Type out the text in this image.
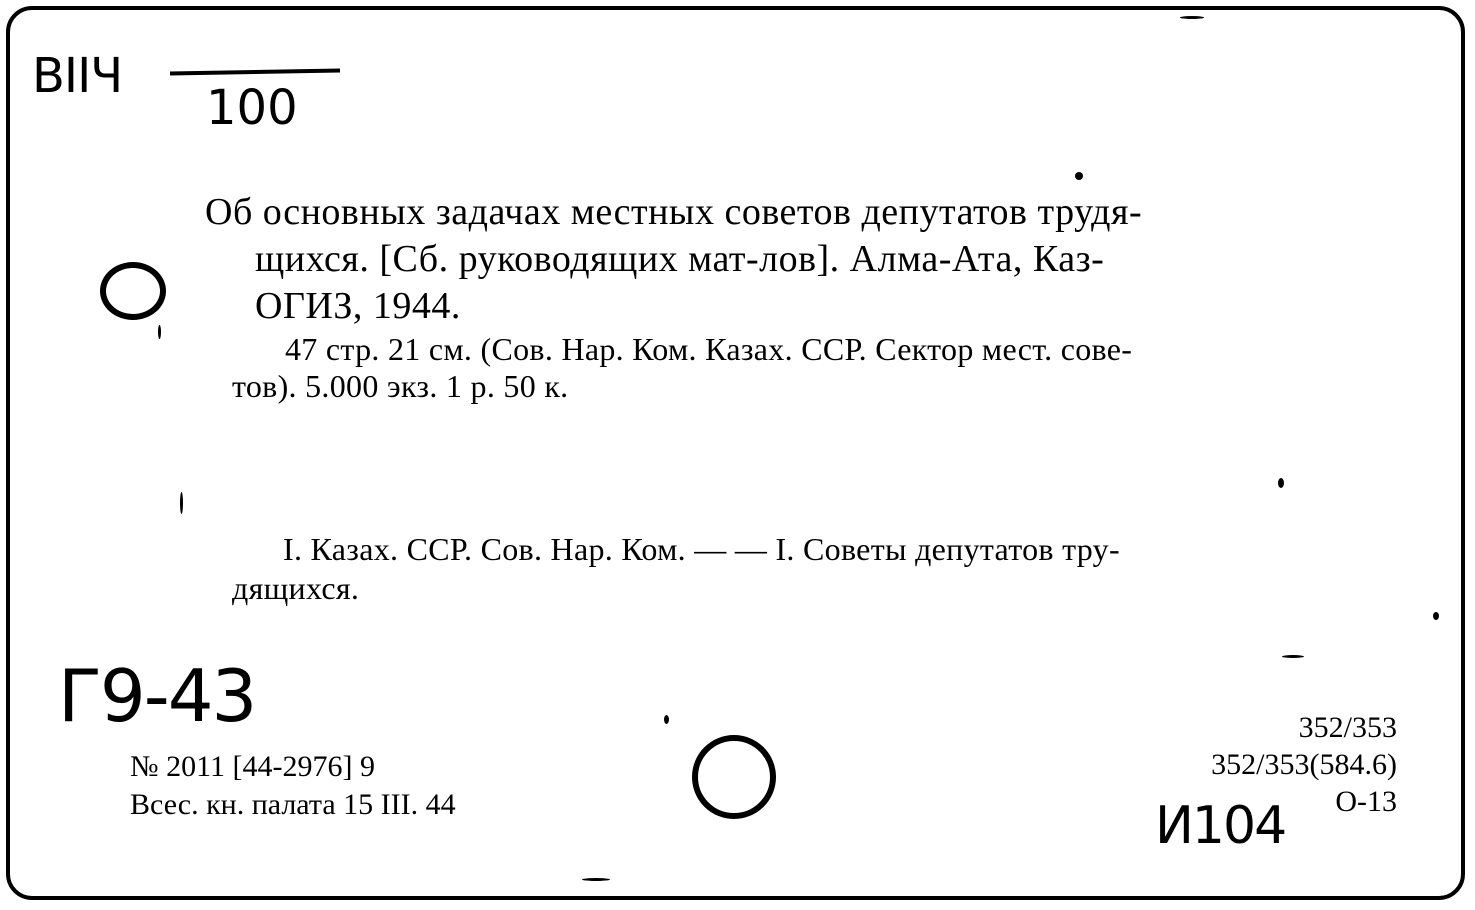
ВIIЧ
100
Об основных задачах местных советов депутатов трудя-
щихся. [Сб. руководящих мат-лов]. Алма-Ата, Каз-
ОГИЗ, 1944.
47 стр. 21 см. (Сов. Нар. Ком. Казах. ССР. Сектор мест. сове-
тов). 5.000 экз. 1 р. 50 к.
I. Казах. ССР. Сов. Нар. Ком. — — I. Советы депутатов тру-
дящихся.
Г9-43
№ 2011 [44-2976] 9
Всес. кн. палата 15 III. 44
352/353
352/353(584.6)
О-13
И104
